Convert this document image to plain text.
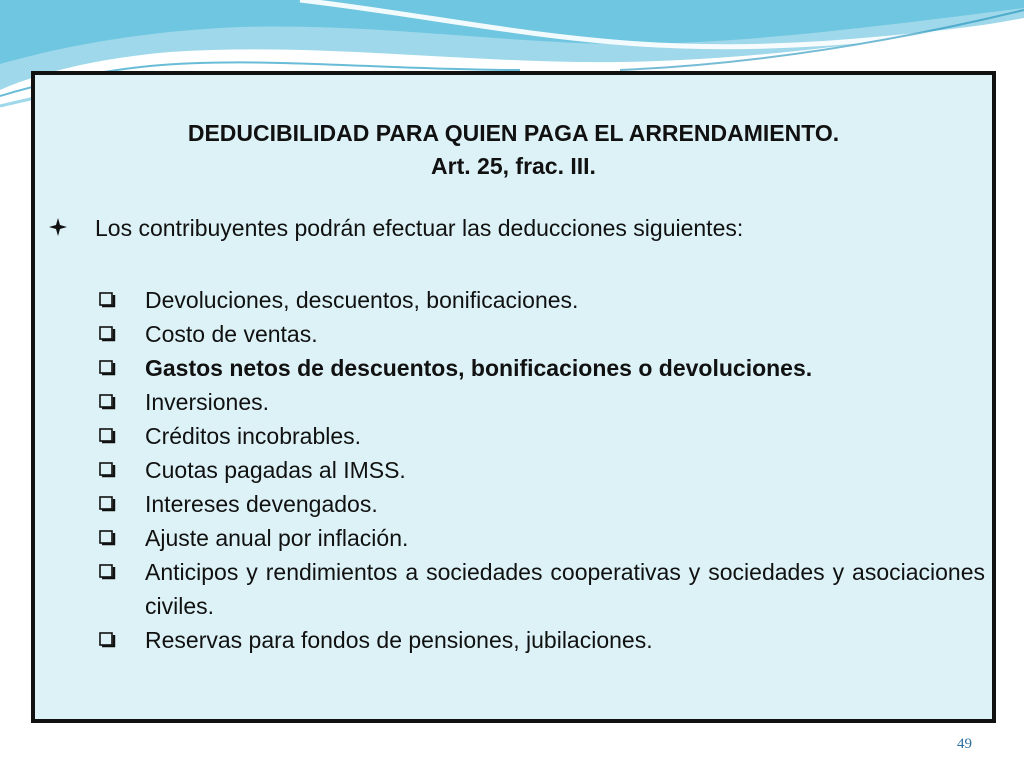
DEDUCIBILIDAD PARA QUIEN PAGA EL ARRENDAMIENTO.
Art. 25, frac. III.
Los contribuyentes podrán efectuar las deducciones siguientes:
Devoluciones, descuentos, bonificaciones.
Costo de ventas.
Gastos netos de descuentos, bonificaciones o devoluciones.
Inversiones.
Créditos incobrables.
Cuotas pagadas al IMSS.
Intereses devengados.
Ajuste anual por inflación.
Anticipos y rendimientos a sociedades cooperativas y sociedades y asociaciones civiles.
Reservas para fondos de pensiones, jubilaciones.
49
